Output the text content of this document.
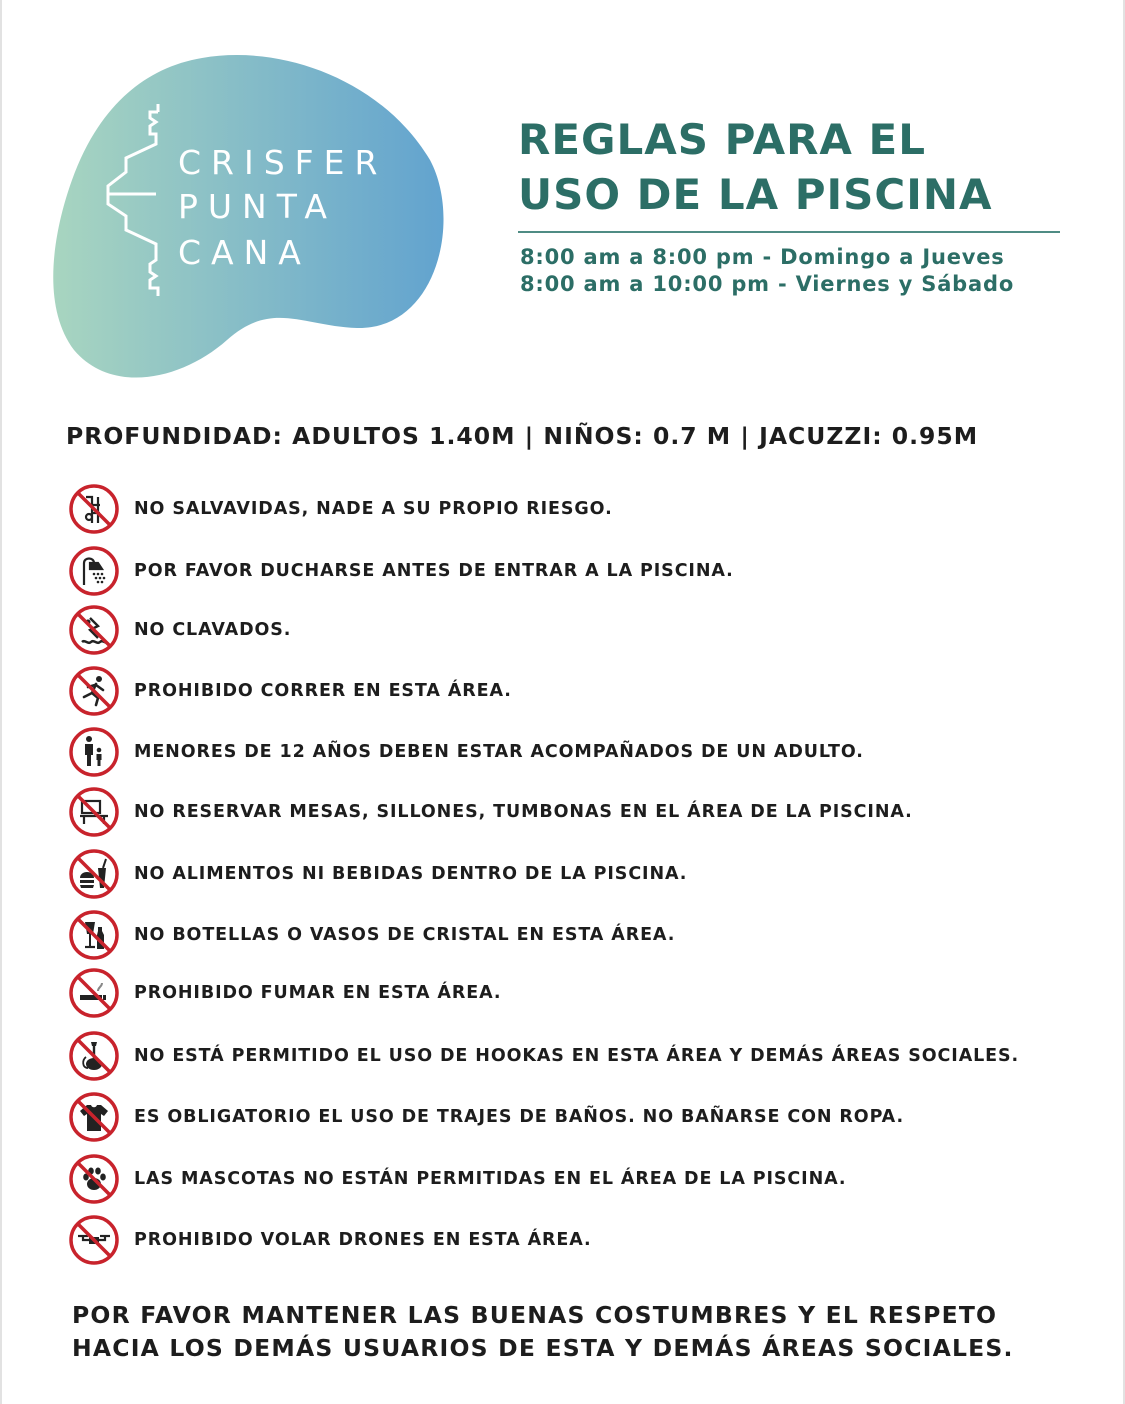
CRISFER
PUNTA
CANA
REGLAS PARA EL
USO DE LA PISCINA
8:00 am a 8:00 pm - Domingo a Jueves
8:00 am a 10:00 pm - Viernes y Sábado
PROFUNDIDAD: ADULTOS 1.40M | NIÑOS: 0.7 M | JACUZZI: 0.95M
NO SALVAVIDAS, NADE A SU PROPIO RIESGO.
POR FAVOR DUCHARSE ANTES DE ENTRAR A LA PISCINA.
NO CLAVADOS.
PROHIBIDO CORRER EN ESTA ÁREA.
MENORES DE 12 AÑOS DEBEN ESTAR ACOMPAÑADOS DE UN ADULTO.
NO RESERVAR MESAS, SILLONES, TUMBONAS EN EL ÁREA DE LA PISCINA.
NO ALIMENTOS NI BEBIDAS DENTRO DE LA PISCINA.
NO BOTELLAS O VASOS DE CRISTAL EN ESTA ÁREA.
PROHIBIDO FUMAR EN ESTA ÁREA.
NO ESTÁ PERMITIDO EL USO DE HOOKAS EN ESTA ÁREA Y DEMÁS ÁREAS SOCIALES.
ES OBLIGATORIO EL USO DE TRAJES DE BAÑOS. NO BAÑARSE CON ROPA.
LAS MASCOTAS NO ESTÁN PERMITIDAS EN EL ÁREA DE LA PISCINA.
PROHIBIDO VOLAR DRONES EN ESTA ÁREA.
POR FAVOR MANTENER LAS BUENAS COSTUMBRES Y EL RESPETO
HACIA LOS DEMÁS USUARIOS DE ESTA Y DEMÁS ÁREAS SOCIALES.
